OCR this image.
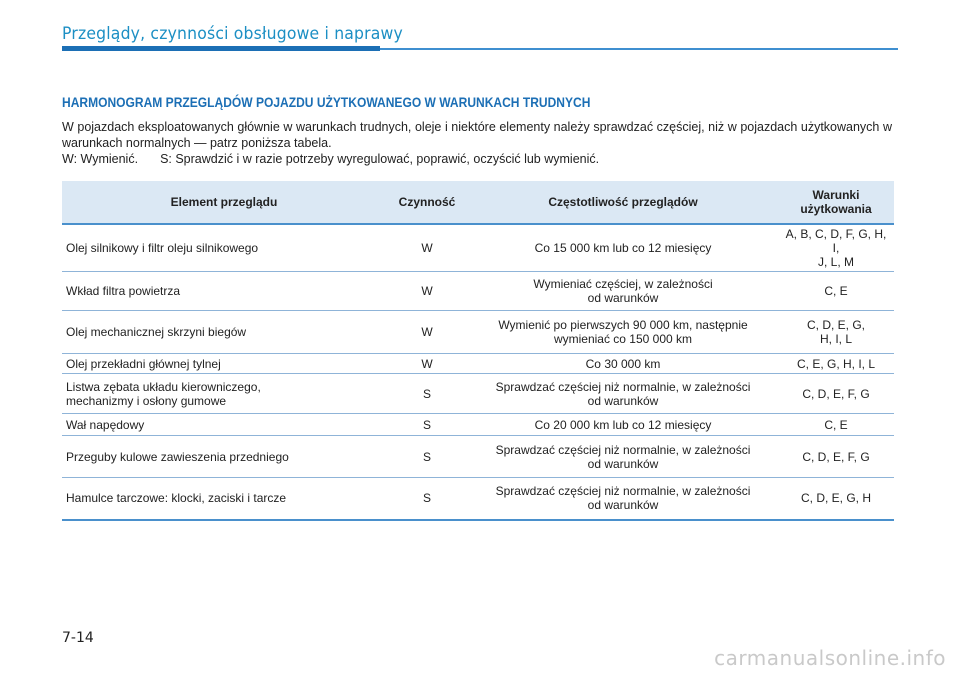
Przeglądy, czynności obsługowe i naprawy
HARMONOGRAM PRZEGLĄDÓW POJAZDU UŻYTKOWANEGO W WARUNKACH TRUDNYCH

W pojazdach eksploatowanych głównie w warunkach trudnych, oleje i niektóre elementy należy sprawdzać częściej, niż w pojazdach użytkowanych w warunkach normalnych — patrz poniższa tabela.

W: Wymienić. S: Sprawdzić i w razie potrzeby wyregulować, poprawić, oczyścić lub wymienić.
Element przeglądu	Czynność	Częstotliwość przeglądów	Warunki
użytkowania
Olej silnikowy i filtr oleju silnikowego	W	Co 15 000 km lub co 12 miesięcy	A, B, C, D, F, G, H, I,
J, L, M
Wkład filtra powietrza	W	Wymieniać częściej, w zależności
od warunków	C, E
Olej mechanicznej skrzyni biegów	W	Wymienić po pierwszych 90 000 km, następnie
wymieniać co 150 000 km	C, D, E, G,
H, I, L
Olej przekładni głównej tylnej	W	Co 30 000 km	C, E, G, H, I, L
Listwa zębata układu kierowniczego,
mechanizmy i osłony gumowe	S	Sprawdzać częściej niż normalnie, w zależności
od warunków	C, D, E, F, G
Wał napędowy	S	Co 20 000 km lub co 12 miesięcy	C, E
Przeguby kulowe zawieszenia przedniego	S	Sprawdzać częściej niż normalnie, w zależności
od warunków	C, D, E, F, G
Hamulce tarczowe: klocki, zaciski i tarcze	S	Sprawdzać częściej niż normalnie, w zależności
od warunków	C, D, E, G, H
7-14
carmanualsonline.info
